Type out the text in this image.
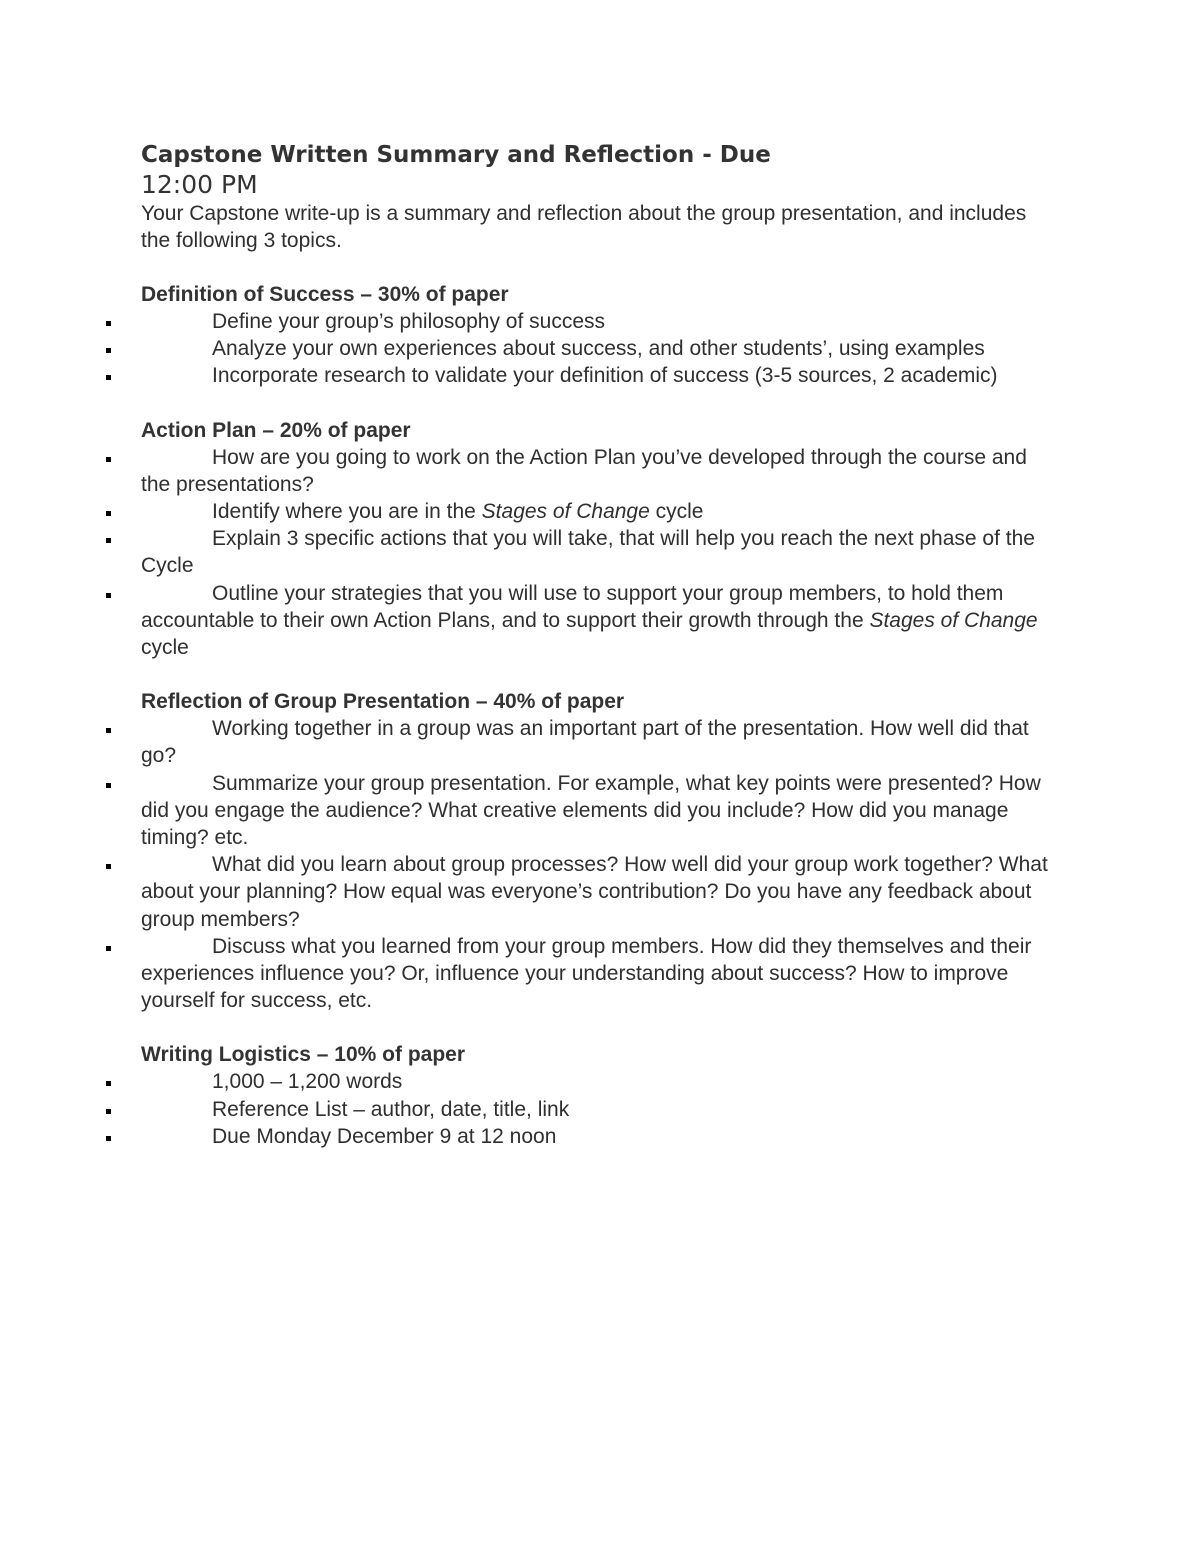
Capstone Written Summary and Reflection - Due
12:00 PM

Your Capstone write-up is a summary and reflection about the group presentation, and includes the following 3 topics.

Definition of Success – 30% of paper
Define your group’s philosophy of success
Analyze your own experiences about success, and other students’, using examples
Incorporate research to validate your definition of success (3-5 sources, 2 academic)
Action Plan – 20% of paper
How are you going to work on the Action Plan you’ve developed through the course and the presentations?
Identify where you are in the Stages of Change cycle
Explain 3 specific actions that you will take, that will help you reach the next phase of the Cycle
Outline your strategies that you will use to support your group members, to hold them accountable to their own Action Plans, and to support their growth through the Stages of Change cycle
Reflection of Group Presentation – 40% of paper
Working together in a group was an important part of the presentation. How well did that go?
Summarize your group presentation. For example, what key points were presented? How did you engage the audience? What creative elements did you include? How did you manage timing? etc.
What did you learn about group processes? How well did your group work together? What about your planning? How equal was everyone’s contribution? Do you have any feedback about group members?
Discuss what you learned from your group members. How did they themselves and their experiences influence you? Or, influence your understanding about success? How to improve yourself for success, etc.
Writing Logistics – 10% of paper
1,000 – 1,200 words
Reference List – author, date, title, link
Due Monday December 9 at 12 noon
